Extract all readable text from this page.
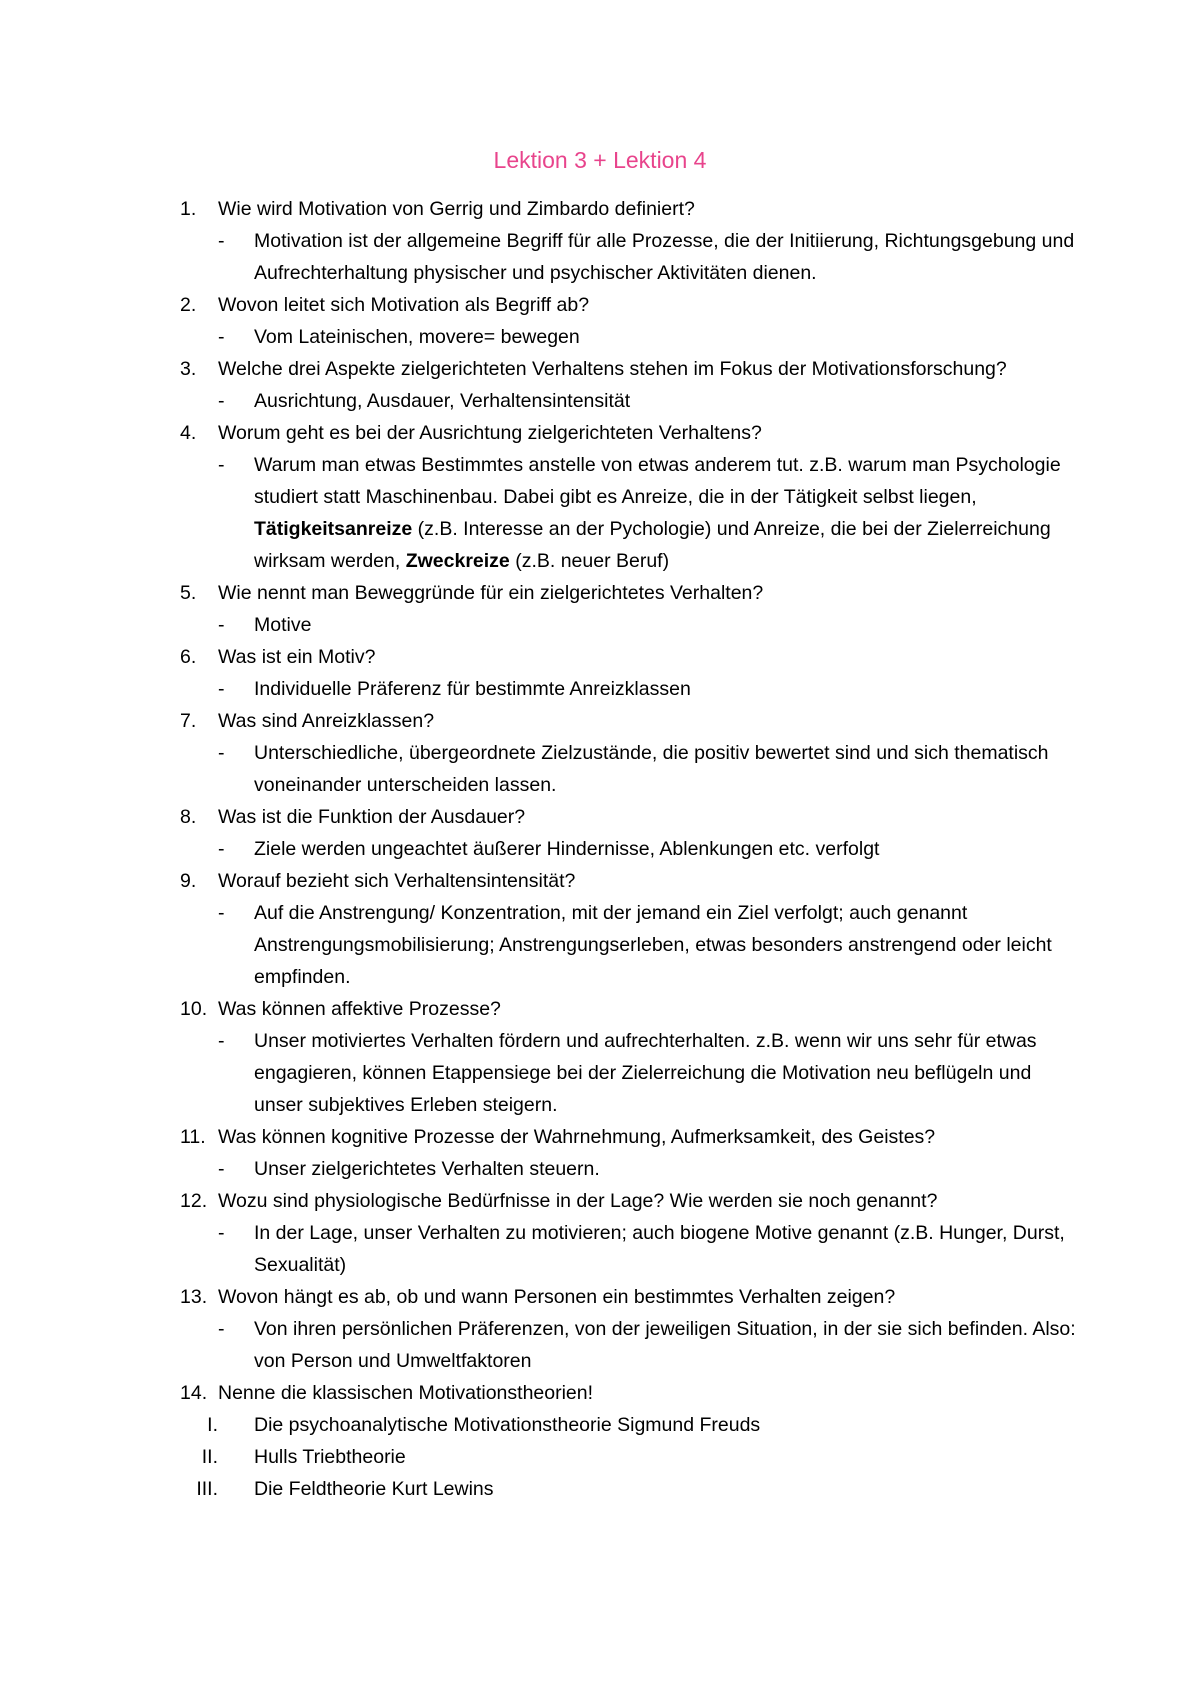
Lektion 3 + Lektion 4
1.	Wie wird Motivation von Gerrig und Zimbardo definiert?
-	Motivation ist der allgemeine Begriff für alle Prozesse, die der Initiierung, Richtungsgebung und Aufrechterhaltung physischer und psychischer Aktivitäten dienen.
2.	Wovon leitet sich Motivation als Begriff ab?
-	Vom Lateinischen, movere= bewegen
3.	Welche drei Aspekte zielgerichteten Verhaltens stehen im Fokus der Motivationsforschung?
-	Ausrichtung, Ausdauer, Verhaltensintensität
4.	Worum geht es bei der Ausrichtung zielgerichteten Verhaltens?
-	Warum man etwas Bestimmtes anstelle von etwas anderem tut. z.B. warum man Psychologie studiert statt Maschinenbau. Dabei gibt es Anreize, die in der Tätigkeit selbst liegen, Tätigkeitsanreize (z.B. Interesse an der Pychologie) und Anreize, die bei der Zielerreichung wirksam werden, Zweckreize (z.B. neuer Beruf)
5.	Wie nennt man Beweggründe für ein zielgerichtetes Verhalten?
-	Motive
6.	Was ist ein Motiv?
-	Individuelle Präferenz für bestimmte Anreizklassen
7.	Was sind Anreizklassen?
-	Unterschiedliche, übergeordnete Zielzustände, die positiv bewertet sind und sich thematisch voneinander unterscheiden lassen.
8.	Was ist die Funktion der Ausdauer?
-	Ziele werden ungeachtet äußerer Hindernisse, Ablenkungen etc. verfolgt
9.	Worauf bezieht sich Verhaltensintensität?
-	Auf die Anstrengung/ Konzentration, mit der jemand ein Ziel verfolgt; auch genannt Anstrengungsmobilisierung; Anstrengungserleben, etwas besonders anstrengend oder leicht empfinden.
10. Was können affektive Prozesse?
-	Unser motiviertes Verhalten fördern und aufrechterhalten. z.B. wenn wir uns sehr für etwas engagieren, können Etappensiege bei der Zielerreichung die Motivation neu beflügeln und unser subjektives Erleben steigern.
11. Was können kognitive Prozesse der Wahrnehmung, Aufmerksamkeit, des Geistes?
-	Unser zielgerichtetes Verhalten steuern.
12. Wozu sind physiologische Bedürfnisse in der Lage? Wie werden sie noch genannt?
-	In der Lage, unser Verhalten zu motivieren; auch biogene Motive genannt (z.B. Hunger, Durst, Sexualität)
13. Wovon hängt es ab, ob und wann Personen ein bestimmtes Verhalten zeigen?
-	Von ihren persönlichen Präferenzen, von der jeweiligen Situation, in der sie sich befinden. Also: von Person und Umweltfaktoren
14. Nenne die klassischen Motivationstheorien!
I.	Die psychoanalytische Motivationstheorie Sigmund Freuds
II.	Hulls Triebtheorie
III.	Die Feldtheorie Kurt Lewins
